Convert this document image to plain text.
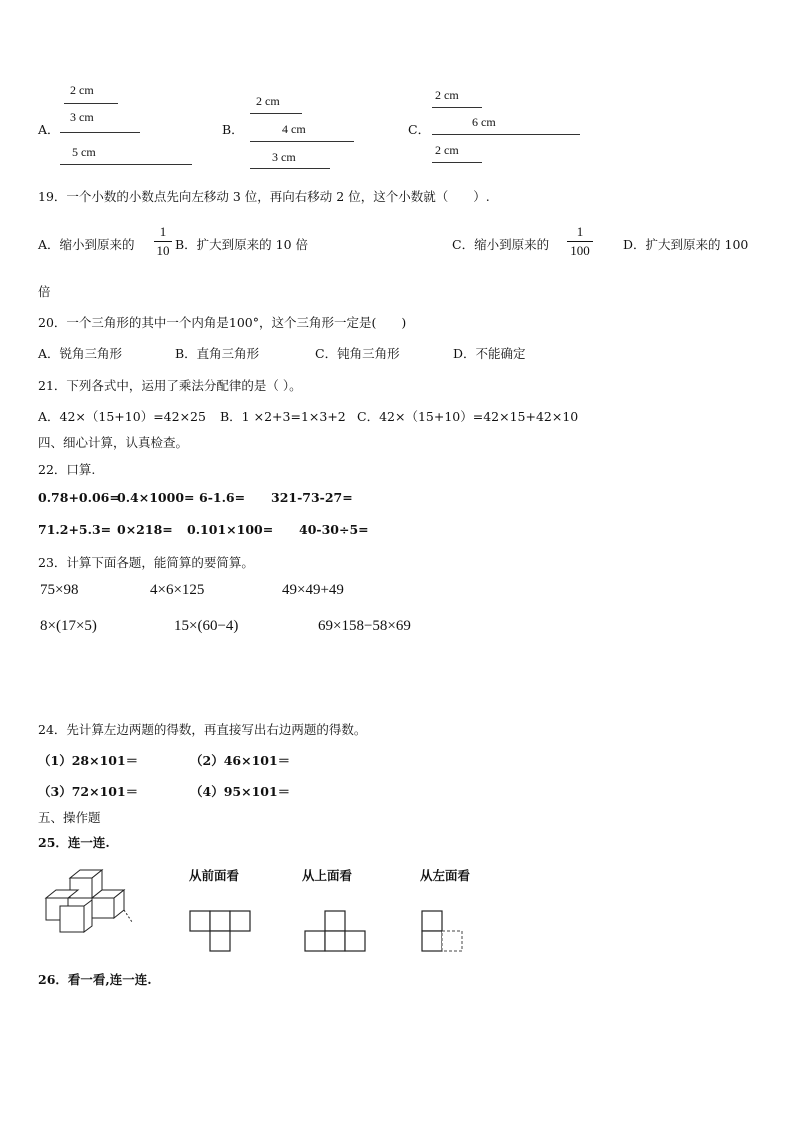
A．
2 cm
3 cm
5 cm
B．
2 cm
4 cm
3 cm
C．
2 cm
6 cm
2 cm
19．一个小数的小数点先向左移动 3 位，再向右移动 2 位，这个小数就（　　）.
A．缩小到原来的
1
10 B．扩大到原来的 10 倍	C．缩小到原来的
1
100	D．扩大到原来的 100
倍
20．一个三角形的其中一个内角是100°，这个三角形一定是(　　)
A．锐角三角形	B．直角三角形	C．钝角三角形	D．不能确定
21．下列各式中，运用了乘法分配律的是（ ）。
A．42×（15+10）=42×25 B．1 ×2+3=1×3+2 C．42×（15+10）=42×15+42×10
四、细心计算，认真检查。
22．口算.
0.78+0.06=
0.4×1000= 6-1.6= 321-73-27=
71.2+5.3= 0×218= 0.101×100= 40-30÷5=
23．计算下面各题，能简算的要简算。
75×98	4×6×125	49×49+49
8×(17×5)	15×(60−4)	69×158−58×69
24．先计算左边两题的得数，再直接写出右边两题的得数。
（1）28×101＝	（2）46×101＝
（3）72×101＝	（4）95×101＝
五、操作题
25．连一连.
从前面看	从上面看	从左面看
26．看一看,连一连.
